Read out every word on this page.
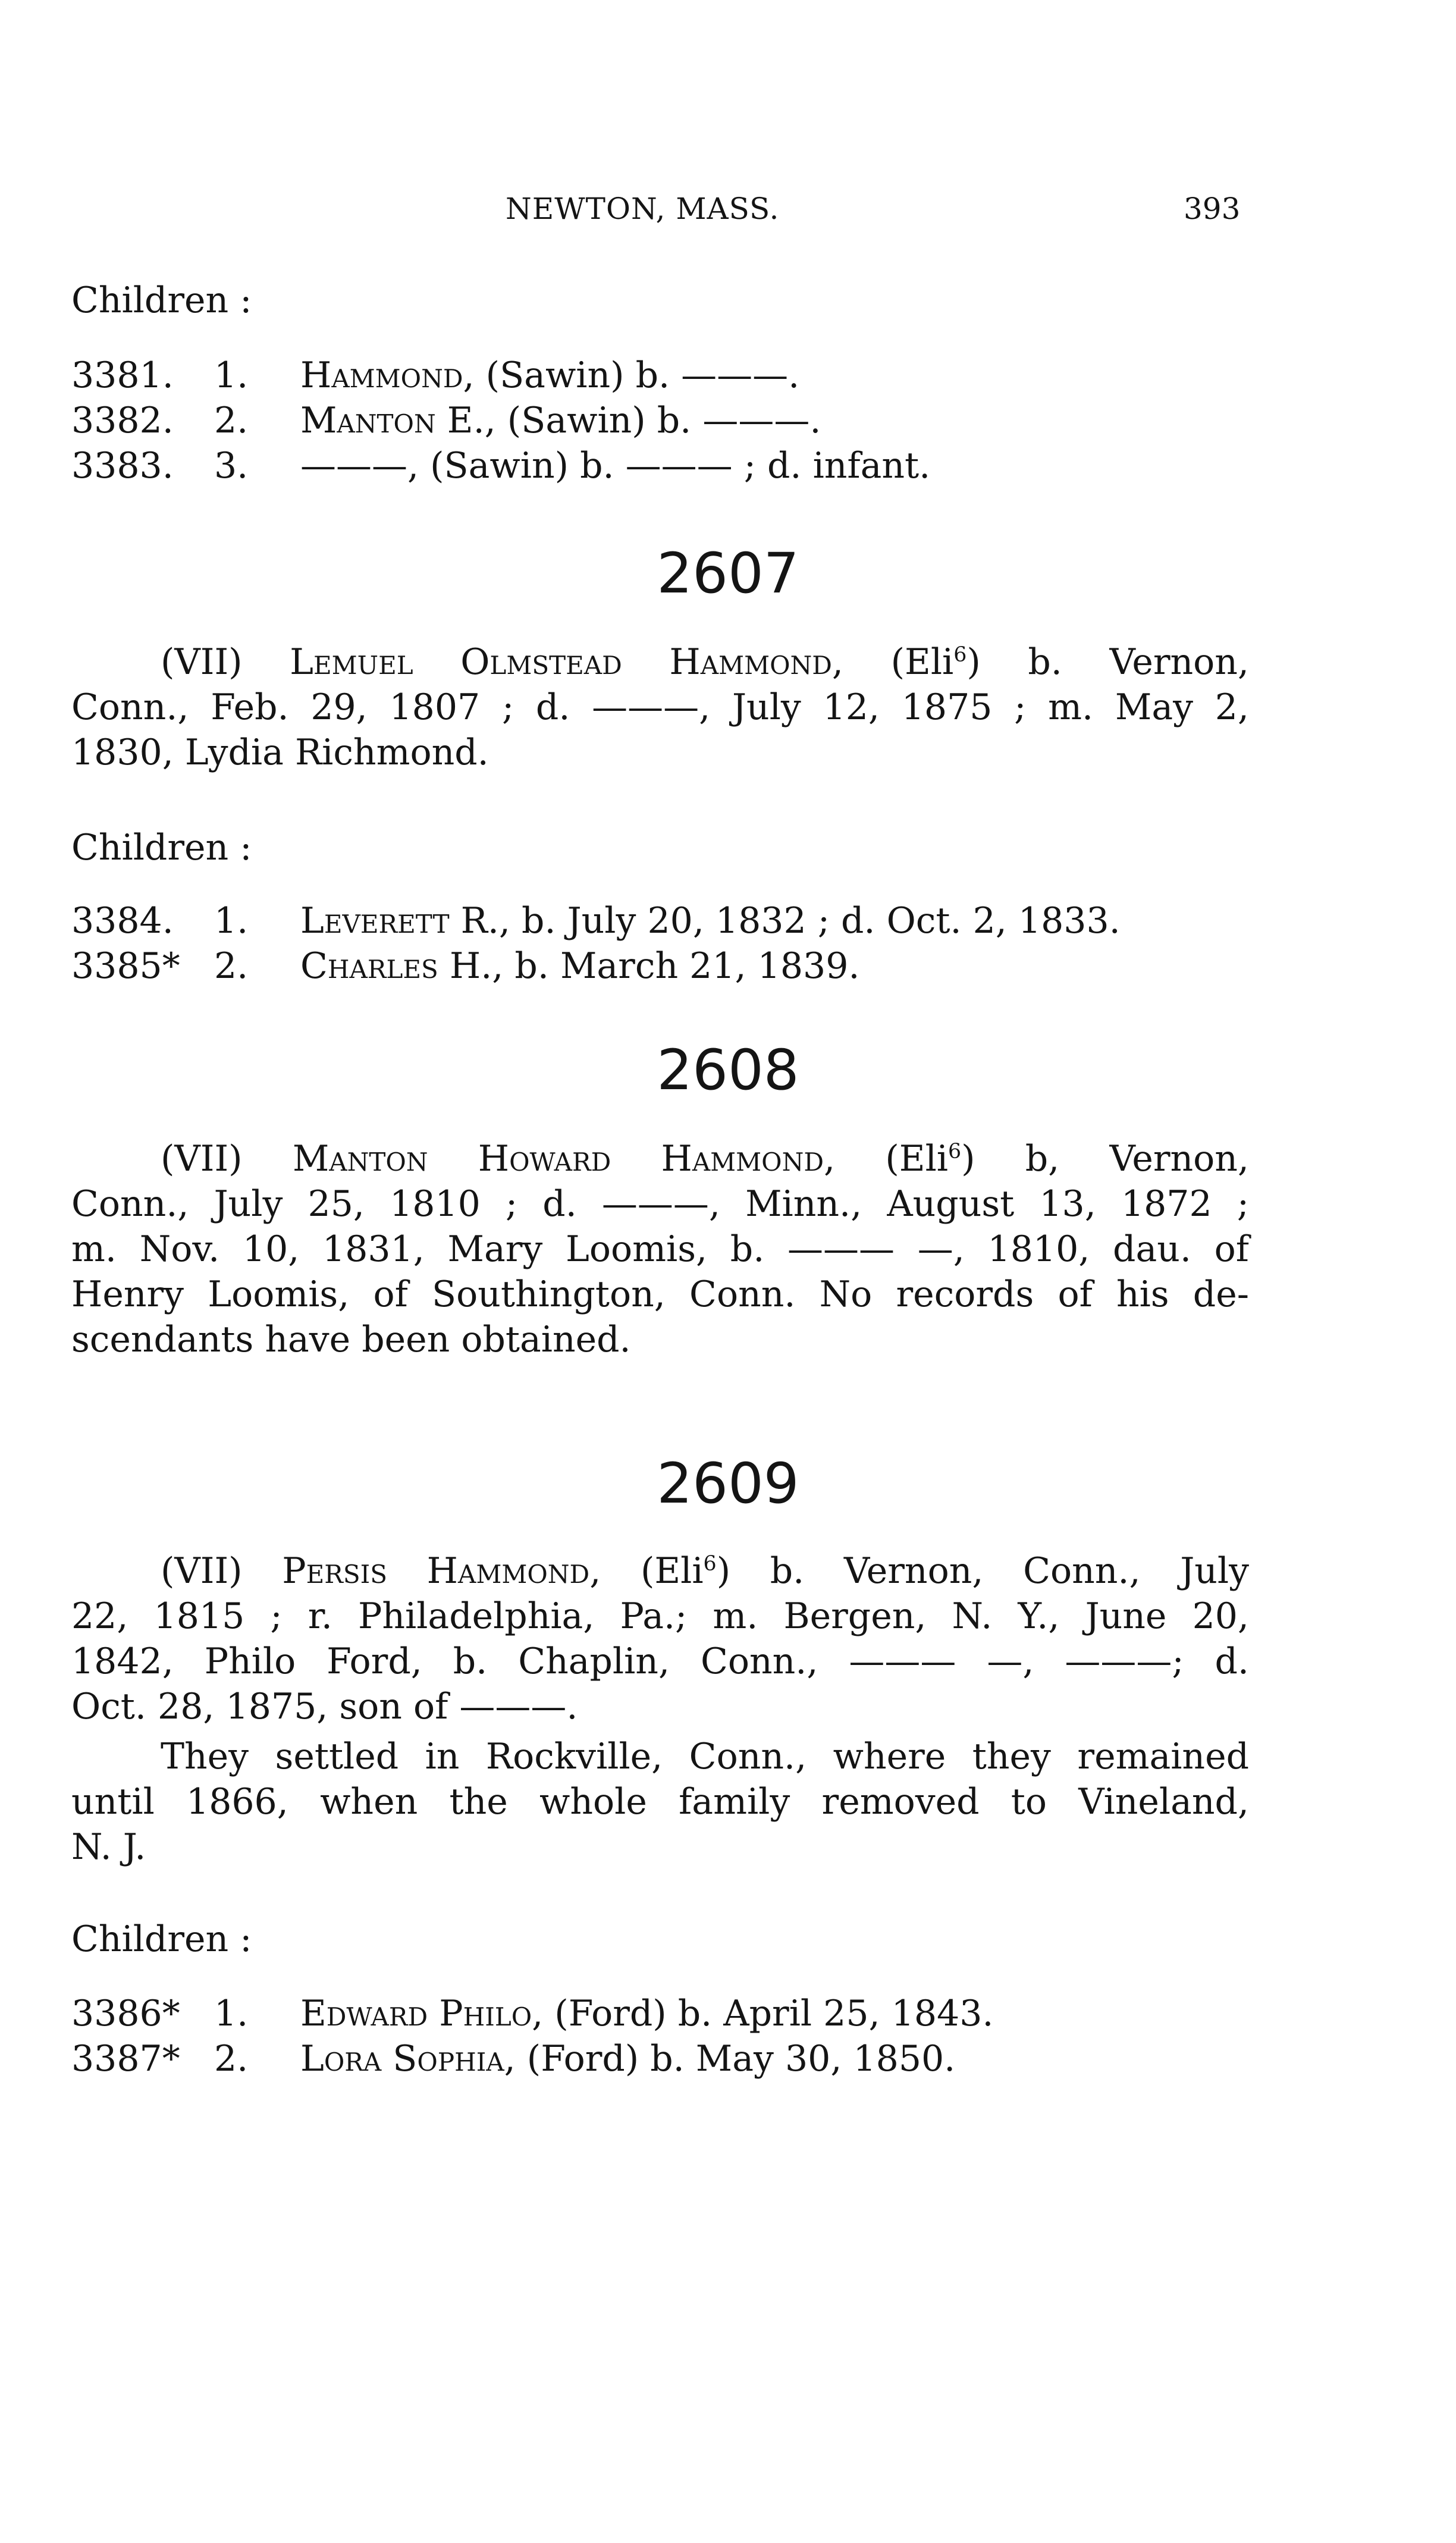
NEWTON, MASS.	393
Children :
3381. 1. Hammond, (Sawin) b. ———.
3382. 2. Manton E., (Sawin) b. ———.
3383. 3. ———, (Sawin) b. ——— ; d. infant.
2607
(VII) Lemuel Olmstead Hammond, (Eli$^6$) b. Vernon,
Conn., Feb. 29, 1807 ; d. ———, July 12, 1875 ; m. May 2,
1830, Lydia Richmond.
Children :
3384. 1. Leverett R., b. July 20, 1832 ; d. Oct. 2, 1833.
3385* 2. Charles H., b. March 21, 1839.
2608
(VII) Manton Howard Hammond, (Eli$^6$) b, Vernon,
Conn., July 25, 1810 ; d. ———, Minn., August 13, 1872 ;
m. Nov. 10, 1831, Mary Loomis, b. ——— —, 1810, dau. of
Henry Loomis, of Southington, Conn. No records of his de-
scendants have been obtained.
2609
(VII) Persis Hammond, (Eli$^6$) b. Vernon, Conn., July
22, 1815 ; r. Philadelphia, Pa.; m. Bergen, N. Y., June 20,
1842, Philo Ford, b. Chaplin, Conn., ——— —, ———; d.
Oct. 28, 1875, son of ———.
They settled in Rockville, Conn., where they remained
until 1866, when the whole family removed to Vineland,
N. J.
Children :
3386* 1. Edward Philo, (Ford) b. April 25, 1843.
3387* 2. Lora Sophia, (Ford) b. May 30, 1850.
